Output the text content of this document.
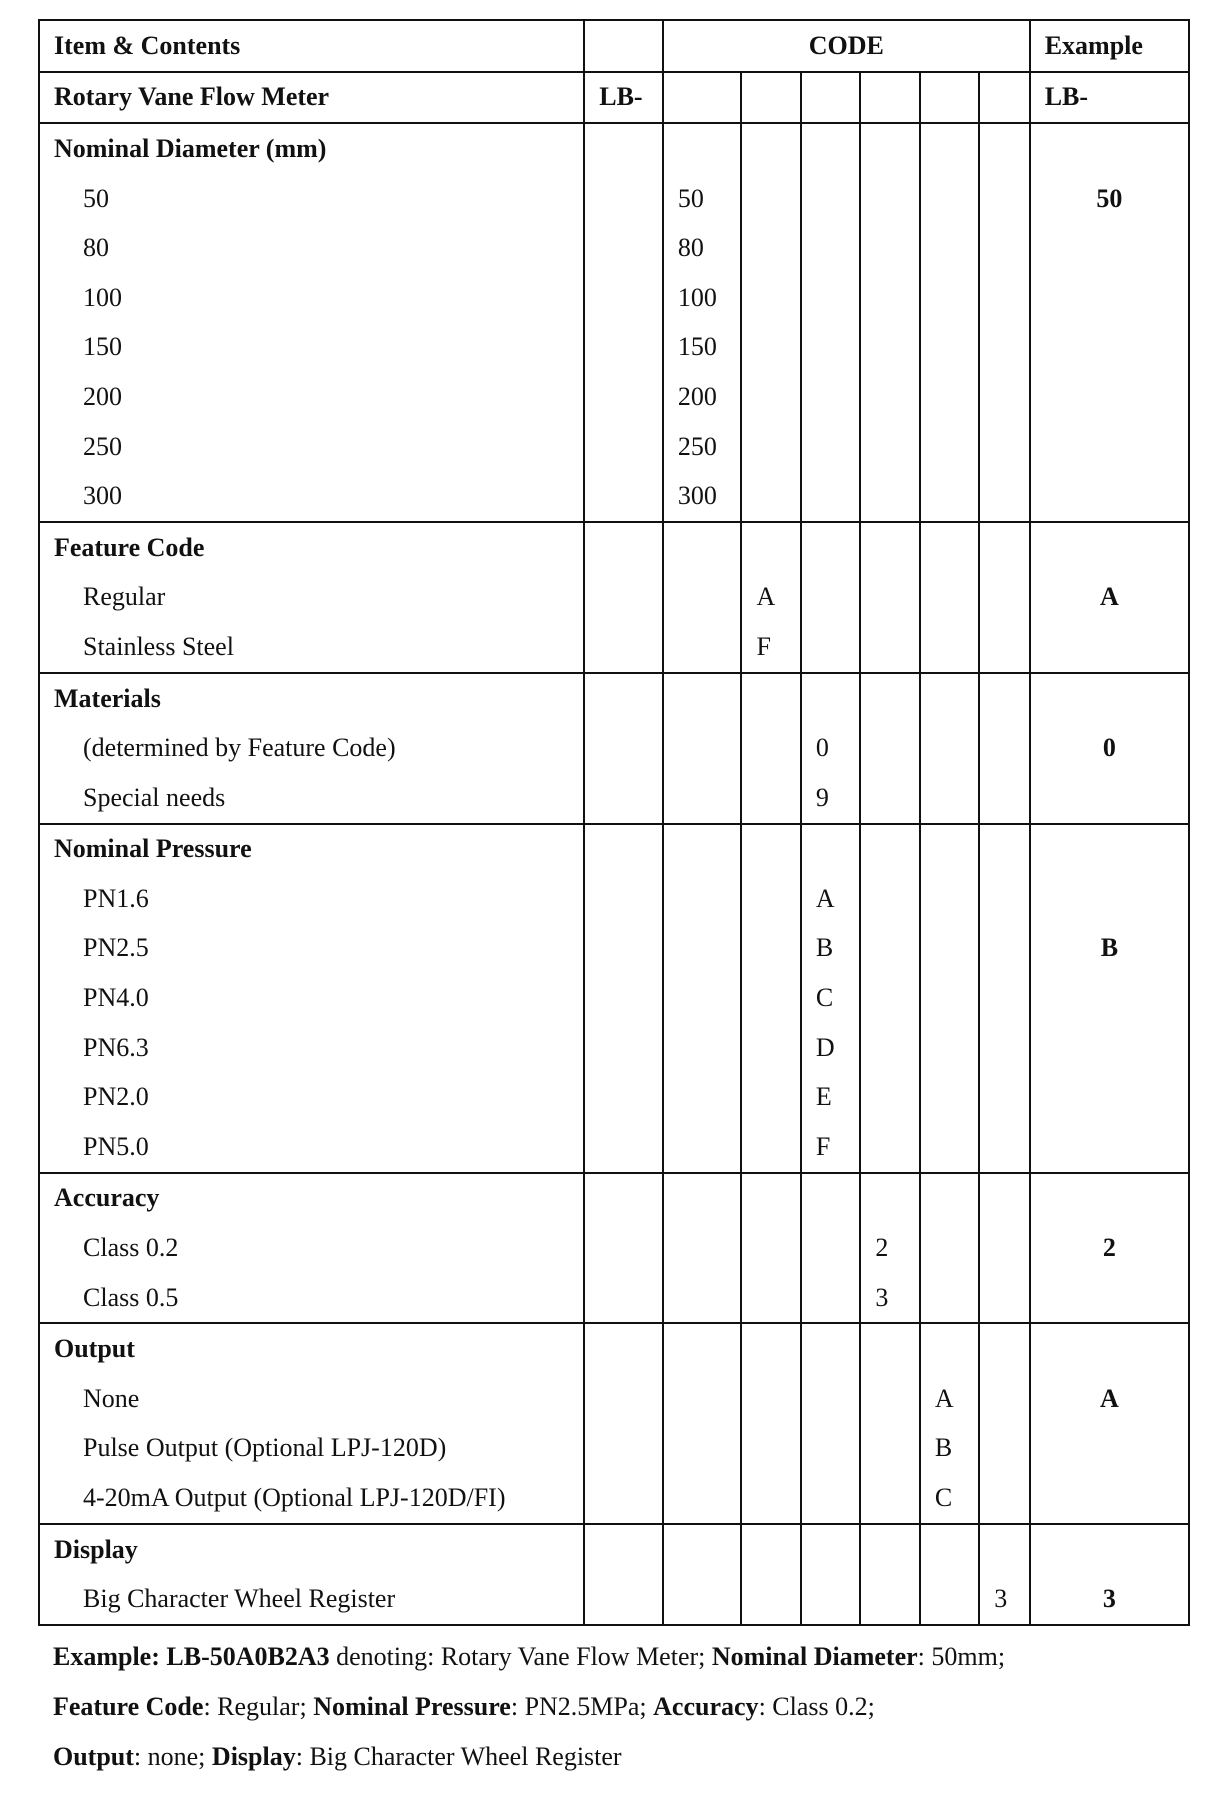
Item & Contents		CODE						Example
Rotary Vane Flow Meter	LB-							LB-
Nominal Diameter (mm)								
50		50						50
80		80						
100		100						
150		150						
200		200						
250		250						
300		300						
Feature Code								
Regular			A					A
Stainless Steel			F					
Materials								
(determined by Feature Code)				0				0
Special needs				9				
Nominal Pressure								
PN1.6				A				
PN2.5				B				B
PN4.0				C				
PN6.3				D				
PN2.0				E				
PN5.0				F				
Accuracy								
Class 0.2					2			2
Class 0.5					3			
Output								
None						A		A
Pulse Output (Optional LPJ-120D)						B		
4-20mA Output (Optional LPJ-120D/FI)						C		
Display								
Big Character Wheel Register							3	3
Example: LB-50A0B2A3 denoting: Rotary Vane Flow Meter; Nominal Diameter: 50mm;
Feature Code: Regular; Nominal Pressure: PN2.5MPa; Accuracy: Class 0.2;
Output: none; Display: Big Character Wheel Register
